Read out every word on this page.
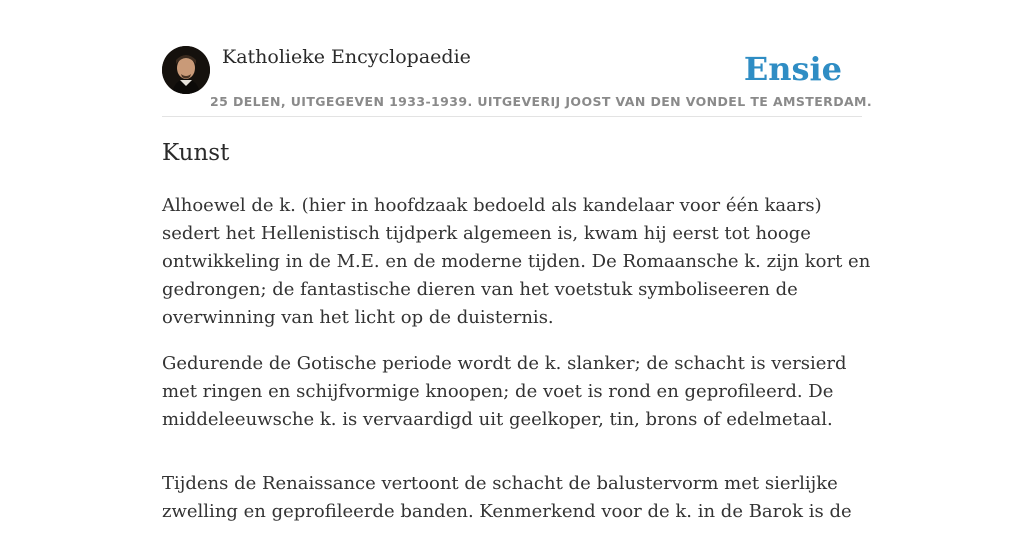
Katholieke Encyclopaedie	Ensie
25 DELEN, UITGEGEVEN 1933-1939. UITGEVERIJ JOOST VAN DEN VONDEL TE AMSTERDAM.
Kunst

Alhoewel de k. (hier in hoofdzaak bedoeld als kandelaar voor één kaars) sedert het Hellenistisch tijdperk algemeen is, kwam hij eerst tot hooge ontwikkeling in de M.E. en de moderne tijden. De Romaansche k. zijn kort en gedrongen; de fantastische dieren van het voetstuk symboliseeren de overwinning van het licht op de duisternis.

Gedurende de Gotische periode wordt de k. slanker; de schacht is versierd met ringen en schijfvormige knoopen; de voet is rond en geprofileerd. De middeleeuwsche k. is vervaardigd uit geelkoper, tin, brons of edelmetaal.

Tijdens de Renaissance vertoont de schacht de balustervorm met sierlijke zwelling en geprofileerde banden. Kenmerkend voor de k. in de Barok is de
